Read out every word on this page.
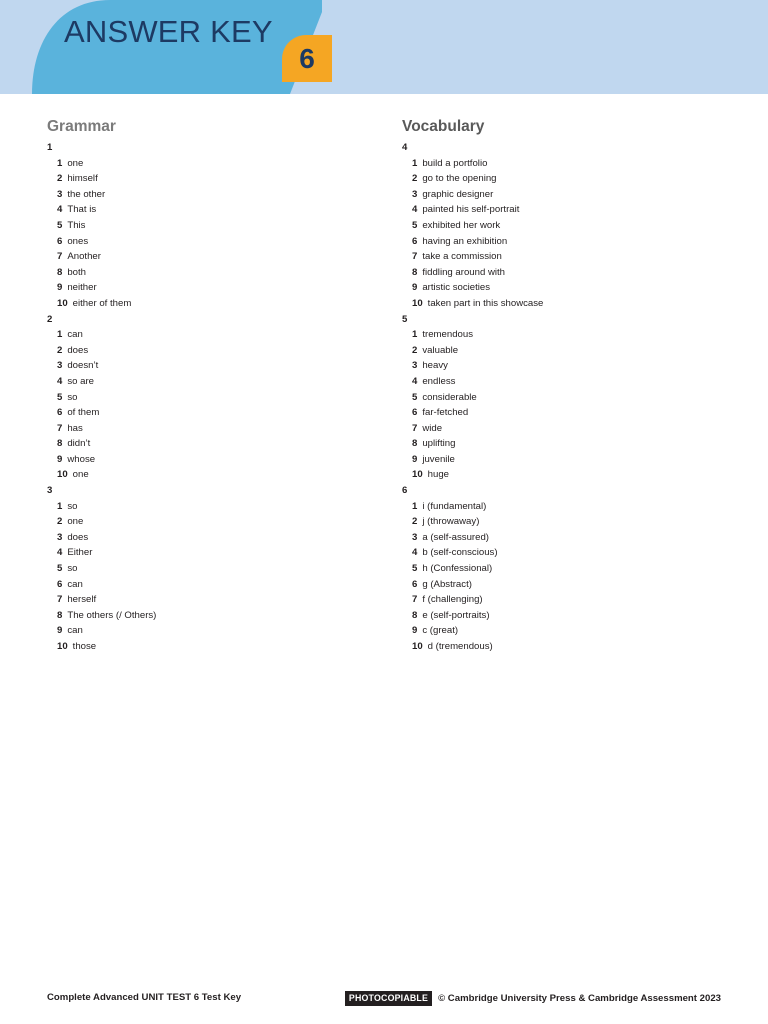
ANSWER KEY
6
Grammar
1
1 one
2 himself
3 the other
4 That is
5 This
6 ones
7 Another
8 both
9 neither
10 either of them
2
1 can
2 does
3 doesn’t
4 so are
5 so
6 of them
7 has
8 didn’t
9 whose
10 one
3
1 so
2 one
3 does
4 Either
5 so
6 can
7 herself
8 The others (/ Others)
9 can
10 those
Vocabulary
4
1 build a portfolio
2 go to the opening
3 graphic designer
4 painted his self-portrait
5 exhibited her work
6 having an exhibition
7 take a commission
8 fiddling around with
9 artistic societies
10 taken part in this showcase
5
1 tremendous
2 valuable
3 heavy
4 endless
5 considerable
6 far-fetched
7 wide
8 uplifting
9 juvenile
10 huge
6
1 i (fundamental)
2 j (throwaway)
3 a (self-assured)
4 b (self-conscious)
5 h (Confessional)
6 g (Abstract)
7 f (challenging)
8 e (self-portraits)
9 c (great)
10 d (tremendous)
Complete Advanced UNIT TEST 6 Test Key	PHOTOCOPIABLE © Cambridge University Press & Cambridge Assessment 2023
